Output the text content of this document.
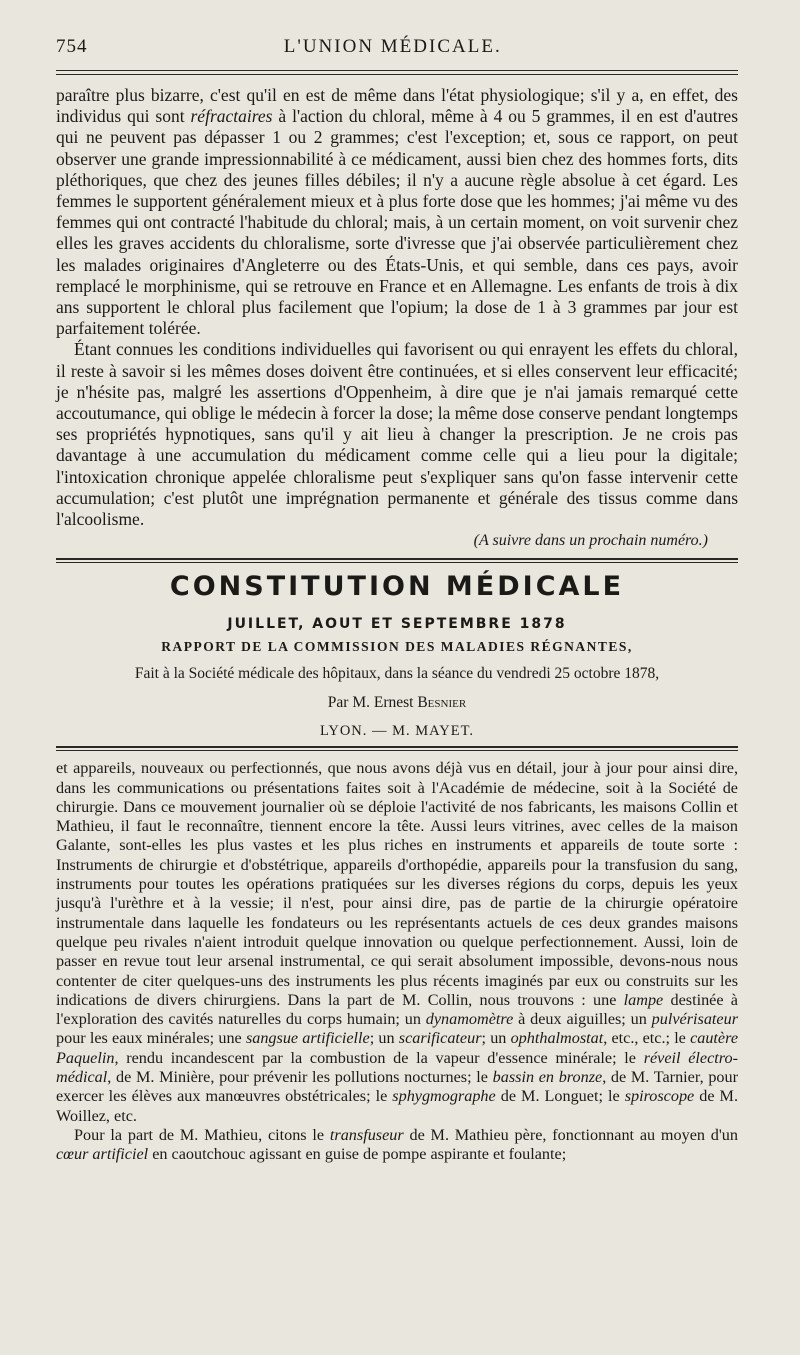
754	L'UNION MÉDICALE.

paraître plus bizarre, c'est qu'il en est de même dans l'état physiologique; s'il y a, en effet, des individus qui sont réfractaires à l'action du chloral, même à 4 ou 5 grammes, il en est d'autres qui ne peuvent pas dépasser 1 ou 2 grammes; c'est l'exception; et, sous ce rapport, on peut observer une grande impressionnabilité à ce médicament, aussi bien chez des hommes forts, dits pléthoriques, que chez des jeunes filles débiles; il n'y a aucune règle absolue à cet égard. Les femmes le supportent généralement mieux et à plus forte dose que les hommes; j'ai même vu des femmes qui ont contracté l'habitude du chloral; mais, à un certain moment, on voit survenir chez elles les graves accidents du chloralisme, sorte d'ivresse que j'ai observée particulièrement chez les malades originaires d'Angleterre ou des États-Unis, et qui semble, dans ces pays, avoir remplacé le morphinisme, qui se retrouve en France et en Allemagne. Les enfants de trois à dix ans supportent le chloral plus facilement que l'opium; la dose de 1 à 3 grammes par jour est parfaitement tolérée.

Étant connues les conditions individuelles qui favorisent ou qui enrayent les effets du chloral, il reste à savoir si les mêmes doses doivent être continuées, et si elles conservent leur efficacité; je n'hésite pas, malgré les assertions d'Oppenheim, à dire que je n'ai jamais remarqué cette accoutumance, qui oblige le médecin à forcer la dose; la même dose conserve pendant longtemps ses propriétés hypnotiques, sans qu'il y ait lieu à changer la prescription. Je ne crois pas davantage à une accumulation du médicament comme celle qui a lieu pour la digitale; l'intoxication chronique appelée chloralisme peut s'expliquer sans qu'on fasse intervenir cette accumulation; c'est plutôt une imprégnation permanente et générale des tissus comme dans l'alcoolisme.

(A suivre dans un prochain numéro.)
CONSTITUTION MÉDICALE
JUILLET, AOUT ET SEPTEMBRE 1878
RAPPORT DE LA COMMISSION DES MALADIES RÉGNANTES,
Fait à la Société médicale des hôpitaux, dans la séance du vendredi 25 octobre 1878,
Par M. Ernest Besnier
LYON. — M. MAYET.

et appareils, nouveaux ou perfectionnés, que nous avons déjà vus en détail, jour à jour pour ainsi dire, dans les communications ou présentations faites soit à l'Académie de médecine, soit à la Société de chirurgie. Dans ce mouvement journalier où se déploie l'activité de nos fabricants, les maisons Collin et Mathieu, il faut le reconnaître, tiennent encore la tête. Aussi leurs vitrines, avec celles de la maison Galante, sont-elles les plus vastes et les plus riches en instruments et appareils de toute sorte : Instruments de chirurgie et d'obstétrique, appareils d'orthopédie, appareils pour la transfusion du sang, instruments pour toutes les opérations pratiquées sur les diverses régions du corps, depuis les yeux jusqu'à l'urèthre et à la vessie; il n'est, pour ainsi dire, pas de partie de la chirurgie opératoire instrumentale dans laquelle les fondateurs ou les représentants actuels de ces deux grandes maisons quelque peu rivales n'aient introduit quelque innovation ou quelque perfectionnement. Aussi, loin de passer en revue tout leur arsenal instrumental, ce qui serait absolument impossible, devons-nous nous contenter de citer quelques-uns des instruments les plus récents imaginés par eux ou construits sur les indications de divers chirurgiens. Dans la part de M. Collin, nous trouvons : une lampe destinée à l'exploration des cavités naturelles du corps humain; un dynamomètre à deux aiguilles; un pulvérisateur pour les eaux minérales; une sangsue artificielle; un scarificateur; un ophthalmostat, etc., etc.; le cautère Paquelin, rendu incandescent par la combustion de la vapeur d'essence minérale; le réveil électro-médical, de M. Minière, pour prévenir les pollutions nocturnes; le bassin en bronze, de M. Tarnier, pour exercer les élèves aux manœuvres obstétricales; le sphygmographe de M. Longuet; le spiroscope de M. Woillez, etc.

Pour la part de M. Mathieu, citons le transfuseur de M. Mathieu père, fonctionnant au moyen d'un cœur artificiel en caoutchouc agissant en guise de pompe aspirante et foulante;
